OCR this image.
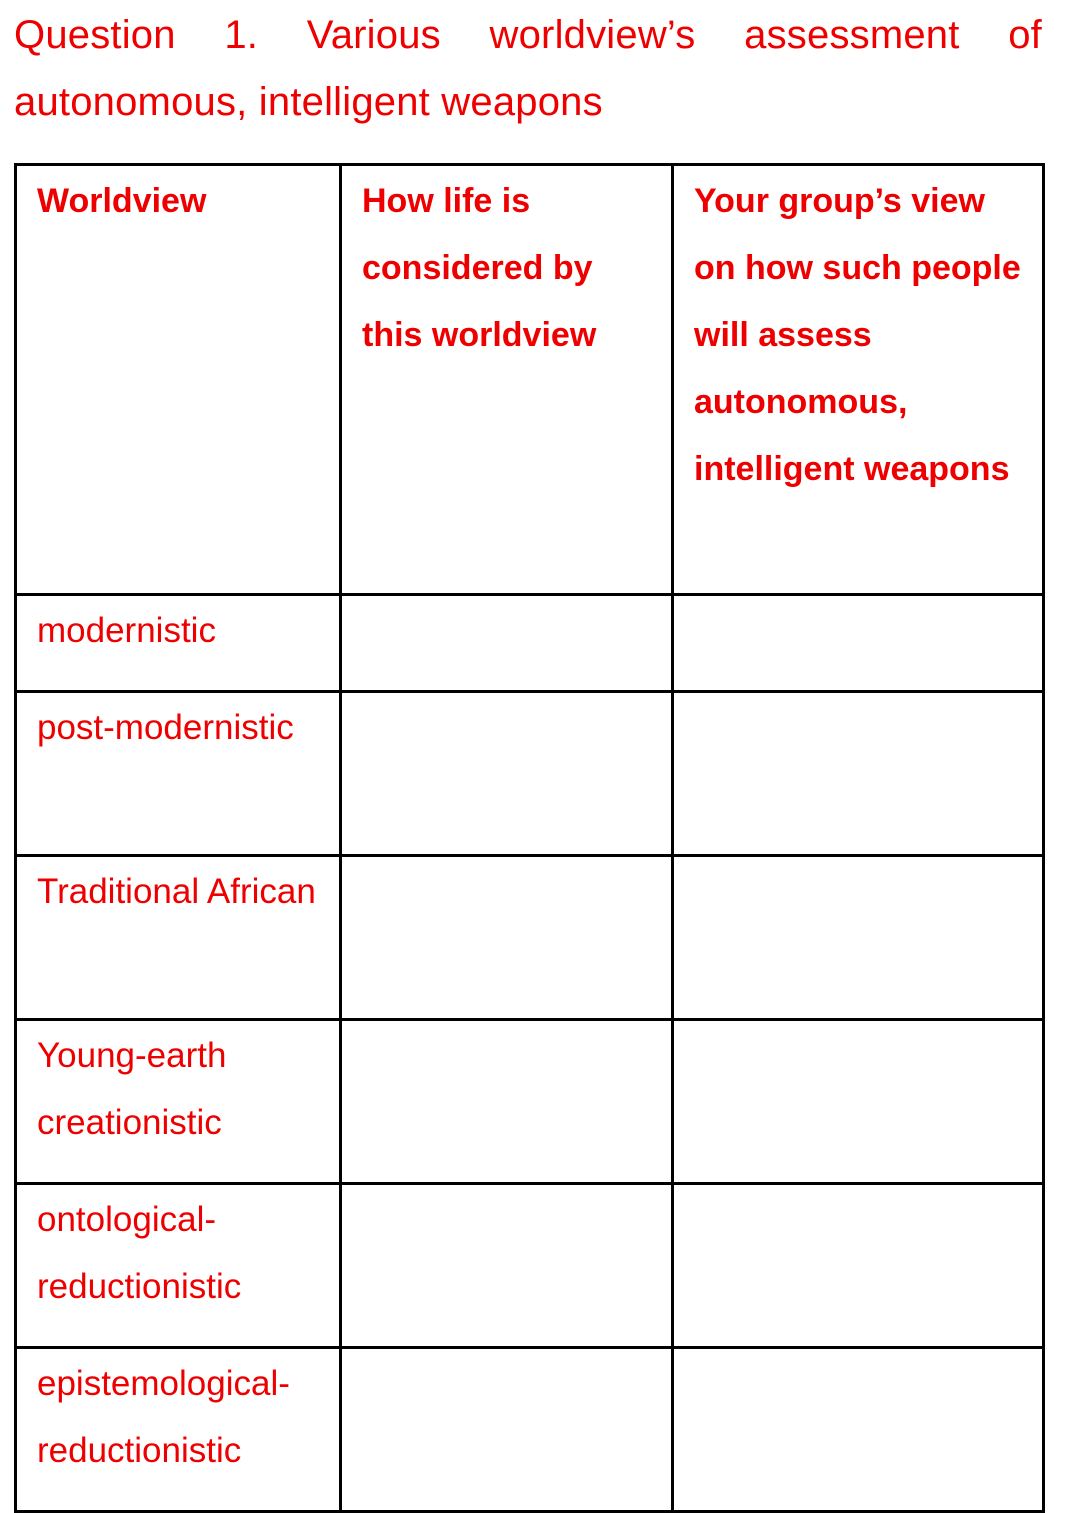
Question 1. Various worldview’s assessment of
autonomous, intelligent weapons
Worldview	How life is considered by this worldview	Your group’s view on how such people will assess autonomous, intelligent weapons
modernistic		
post-​modernistic		
Traditional African		
Young-​earth creationistic		
ontological-​reductionistic		
epistemological-​reductionistic		
